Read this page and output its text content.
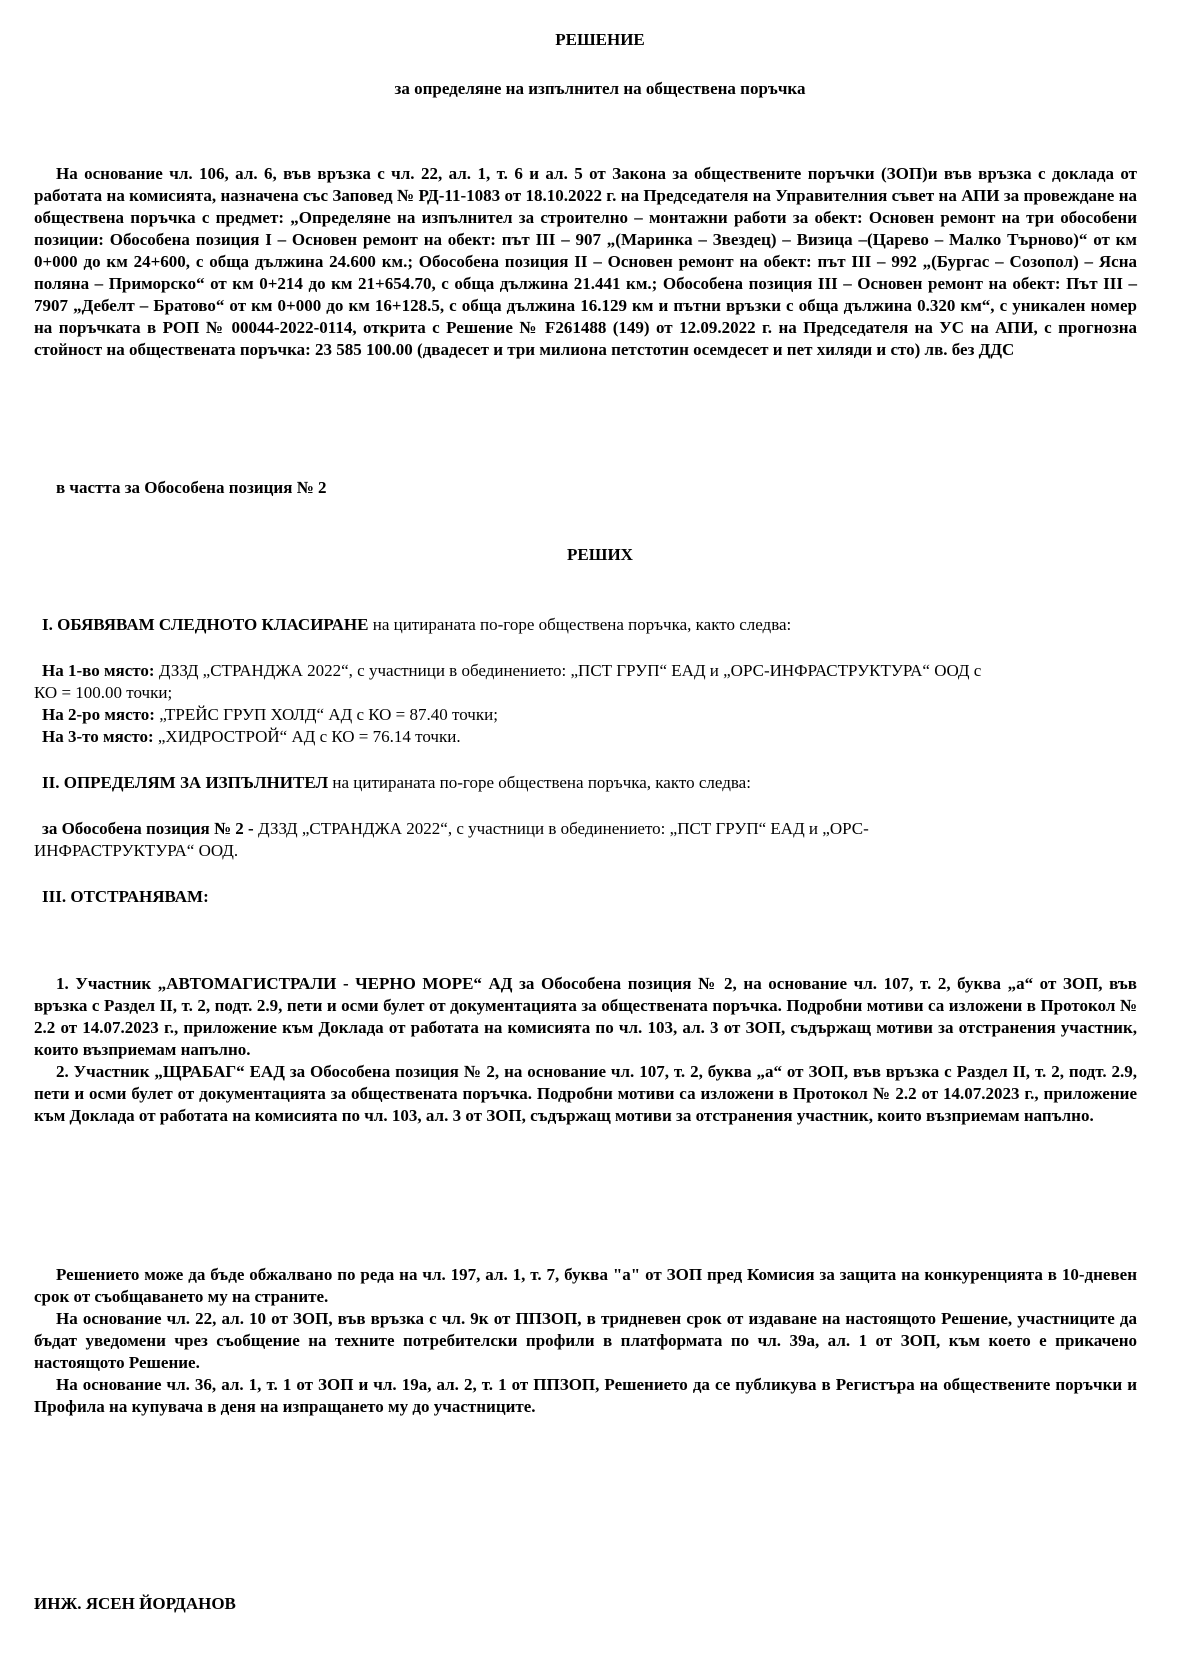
РЕШЕНИЕ
за определяне на изпълнител на обществена поръчка
На основание чл. 106, ал. 6, във връзка с чл. 22, ал. 1, т. 6 и ал. 5 от Закона за обществените поръчки (ЗОП)и във връзка с доклада от работата на комисията, назначена със Заповед № РД-11-1083 от 18.10.2022 г. на Председателя на Управителния съвет на АПИ за провеждане на обществена поръчка с предмет: „Определяне на изпълнител за строително – монтажни работи за обект: Основен ремонт на три обособени позиции: Обособена позиция I – Основен ремонт на обект: път III – 907 „(Маринка – Звездец) – Визица –(Царево – Малко Търново)“ от км 0+000 до км 24+600, с обща дължина 24.600 км.; Обособена позиция II – Основен ремонт на обект: път III – 992 „(Бургас – Созопол) – Ясна поляна – Приморско“ от км 0+214 до км 21+654.70, с обща дължина 21.441 км.; Обособена позиция III – Основен ремонт на обект: Път III – 7907 „Дебелт – Братово“ от км 0+000 до км 16+128.5, с обща дължина 16.129 км и пътни връзки с обща дължина 0.320 км“, с уникален номер на поръчката в РОП № 00044-2022-0114, открита с Решение № F261488 (149) от 12.09.2022 г. на Председателя на УС на АПИ, с прогнозна стойност на обществената поръчка: 23 585 100.00 (двадесет и три милиона петстотин осемдесет и пет хиляди и сто) лв. без ДДС
в частта за Обособена позиция № 2
РЕШИХ
I. ОБЯВЯВАМ СЛЕДНОТО КЛАСИРАНЕ на цитираната по-горе обществена поръчка, както следва:
На 1-во място: ДЗЗД „СТРАНДЖА 2022“, с участници в обединението: „ПСТ ГРУП“ ЕАД и „ОРС-ИНФРАСТРУКТУРА“ ООД с
КО = 100.00 точки;
На 2-ро място: „ТРЕЙС ГРУП ХОЛД“ АД с КО = 87.40 точки;
На 3-то място: „ХИДРОСТРОЙ“ АД с КО = 76.14 точки.
II. ОПРЕДЕЛЯМ ЗА ИЗПЪЛНИТЕЛ на цитираната по-горе обществена поръчка, както следва:
за Обособена позиция № 2 - ДЗЗД „СТРАНДЖА 2022“, с участници в обединението: „ПСТ ГРУП“ ЕАД и „ОРС-
ИНФРАСТРУКТУРА“ ООД.
III. ОТСТРАНЯВАМ:
1. Участник „АВТОМАГИСТРАЛИ - ЧЕРНО МОРЕ“ АД за Обособена позиция № 2, на основание чл. 107, т. 2, буква „а“ от ЗОП, във връзка с Раздел II, т. 2, подт. 2.9, пети и осми булет от документацията за обществената поръчка. Подробни мотиви са изложени в Протокол № 2.2 от 14.07.2023 г., приложение към Доклада от работата на комисията по чл. 103, ал. 3 от ЗОП, съдържащ мотиви за отстранения участник, които възприемам напълно.
2. Участник „ЩРАБАГ“ ЕАД за Обособена позиция № 2, на основание чл. 107, т. 2, буква „а“ от ЗОП, във връзка с Раздел II, т. 2, подт. 2.9, пети и осми булет от документацията за обществената поръчка. Подробни мотиви са изложени в Протокол № 2.2 от 14.07.2023 г., приложение към Доклада от работата на комисията по чл. 103, ал. 3 от ЗОП, съдържащ мотиви за отстранения участник, които възприемам напълно.
Решението може да бъде обжалвано по реда на чл. 197, ал. 1, т. 7, буква "а" от ЗОП пред Комисия за защита на конкуренцията в 10-дневен срок от съобщаването му на страните.
На основание чл. 22, ал. 10 от ЗОП, във връзка с чл. 9к от ППЗОП, в тридневен срок от издаване на настоящото Решение, участниците да бъдат уведомени чрез съобщение на техните потребителски профили в платформата по чл. 39а, ал. 1 от ЗОП, към което е прикачено настоящото Решение.
На основание чл. 36, ал. 1, т. 1 от ЗОП и чл. 19а, ал. 2, т. 1 от ППЗОП, Решението да се публикува в Регистъра на обществените поръчки и Профила на купувача в деня на изпращането му до участниците.
ИНЖ. ЯСЕН ЙОРДАНОВ
